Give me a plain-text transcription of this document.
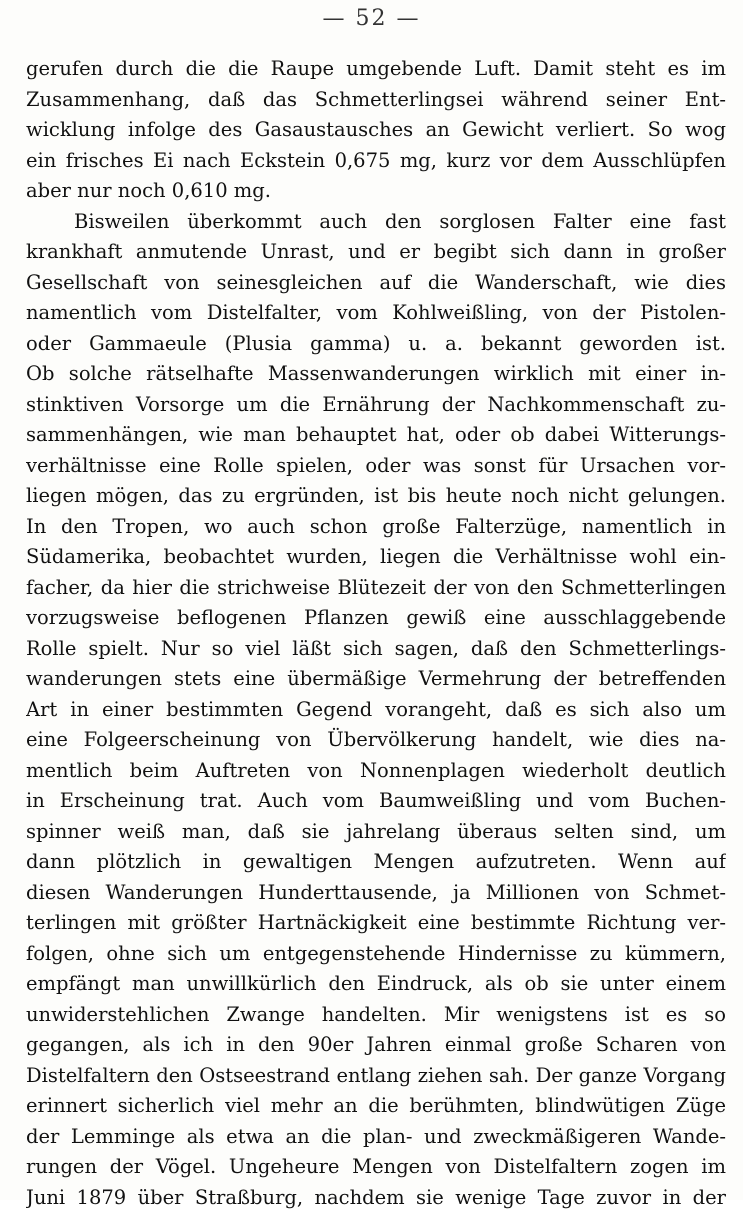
— 52 —
gerufen durch die die Raupe umgebende Luft. Damit steht es im
Zusammenhang, daß das Schmetterlingsei während seiner Ent-
wicklung infolge des Gasaustausches an Gewicht verliert. So wog
ein frisches Ei nach Eckstein 0,675 mg, kurz vor dem Ausschlüpfen
aber nur noch 0,610 mg.
Bisweilen überkommt auch den sorglosen Falter eine fast
krankhaft anmutende Unrast, und er begibt sich dann in großer
Gesellschaft von seinesgleichen auf die Wanderschaft, wie dies
namentlich vom Distelfalter, vom Kohlweißling, von der Pistolen-
oder Gammaeule (Plusia gamma) u. a. bekannt geworden ist.
Ob solche rätselhafte Massenwanderungen wirklich mit einer in-
stinktiven Vorsorge um die Ernährung der Nachkommenschaft zu-
sammenhängen, wie man behauptet hat, oder ob dabei Witterungs-
verhältnisse eine Rolle spielen, oder was sonst für Ursachen vor-
liegen mögen, das zu ergründen, ist bis heute noch nicht gelungen.
In den Tropen, wo auch schon große Falterzüge, namentlich in
Südamerika, beobachtet wurden, liegen die Verhältnisse wohl ein-
facher, da hier die strichweise Blütezeit der von den Schmetterlingen
vorzugsweise beflogenen Pflanzen gewiß eine ausschlaggebende
Rolle spielt. Nur so viel läßt sich sagen, daß den Schmetterlings-
wanderungen stets eine übermäßige Vermehrung der betreffenden
Art in einer bestimmten Gegend vorangeht, daß es sich also um
eine Folgeerscheinung von Übervölkerung handelt, wie dies na-
mentlich beim Auftreten von Nonnenplagen wiederholt deutlich
in Erscheinung trat. Auch vom Baumweißling und vom Buchen-
spinner weiß man, daß sie jahrelang überaus selten sind, um
dann plötzlich in gewaltigen Mengen aufzutreten. Wenn auf
diesen Wanderungen Hunderttausende, ja Millionen von Schmet-
terlingen mit größter Hartnäckigkeit eine bestimmte Richtung ver-
folgen, ohne sich um entgegenstehende Hindernisse zu kümmern,
empfängt man unwillkürlich den Eindruck, als ob sie unter einem
unwiderstehlichen Zwange handelten. Mir wenigstens ist es so
gegangen, als ich in den 90er Jahren einmal große Scharen von
Distelfaltern den Ostseestrand entlang ziehen sah. Der ganze Vorgang
erinnert sicherlich viel mehr an die berühmten, blindwütigen Züge
der Lemminge als etwa an die plan- und zweckmäßigeren Wande-
rungen der Vögel. Ungeheure Mengen von Distelfaltern zogen im
Juni 1879 über Straßburg, nachdem sie wenige Tage zuvor in der
